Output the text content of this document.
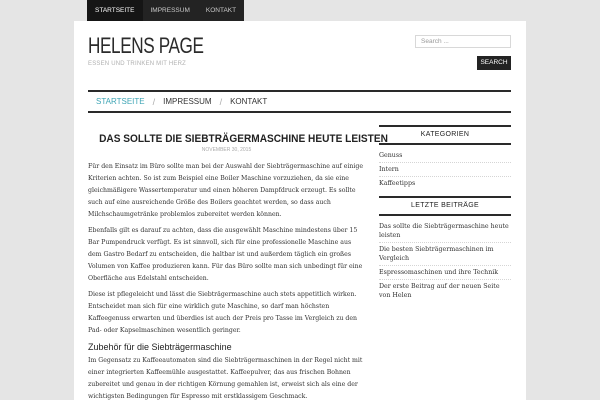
STARTSEITE	IMPRESSUM	KONTAKT
HELENS PAGE
ESSEN UND TRINKEN MIT HERZ
Search ...
SEARCH
STARTSEITE /	IMPRESSUM /	KONTAKT
DAS SOLLTE DIE SIEBTRÄGERMASCHINE HEUTE LEISTEN
NOVEMBER 30, 2015

Für den Einsatz im Büro sollte man bei der Auswahl der Siebträgermaschine auf einige Kriterien achten. So ist zum Beispiel eine Boiler Maschine vorzuziehen, da sie eine gleichmäßigere Wassertemperatur und einen höheren Dampfdruck erzeugt. Es sollte such auf eine ausreichende Größe des Boilers geachtet werden, so dass auch Milchschaumgetränke problemlos zubereitet werden können.

Ebenfalls gilt es darauf zu achten, dass die ausgewählt Maschine mindestens über 15 Bar Pumpendruck verfügt. Es ist sinnvoll, sich für eine professionelle Maschine aus dem Gastro Bedarf zu entscheiden, die haltbar ist und außerdem täglich ein großes Volumen von Kaffee produzieren kann. Für das Büro sollte man sich unbedingt für eine Oberfläche aus Edelstahl entscheiden.

Diese ist pflegeleicht und lässt die Siebträgermaschine auch stets appetitlich wirken. Entscheidet man sich für eine wirklich gute Maschine, so darf man höchsten Kaffeegenuss erwarten und überdies ist auch der Preis pro Tasse im Vergleich zu den Pad- oder Kapselmaschinen wesentlich geringer.

Zubehör für die Siebträgermaschine

Im Gegensatz zu Kaffeeautomaten sind die Siebträgermaschinen in der Regel nicht mit einer integrierten Kaffeemühle ausgestattet. Kaffeepulver, das aus frischen Bohnen zubereitet und genau in der richtigen Körnung gemahlen ist, erweist sich als eine der wichtigsten Bedingungen für Espresso mit erstklassigem Geschmack.

KATEGORIEN
Genuss
Intern
Kaffeetipps
LETZTE BEITRÄGE
Das sollte die Siebträgermaschine heute leisten
Die besten Siebträgermaschinen im Vergleich
Espressomaschinen und ihre Technik
Der erste Beitrag auf der neuen Seite von Helen
